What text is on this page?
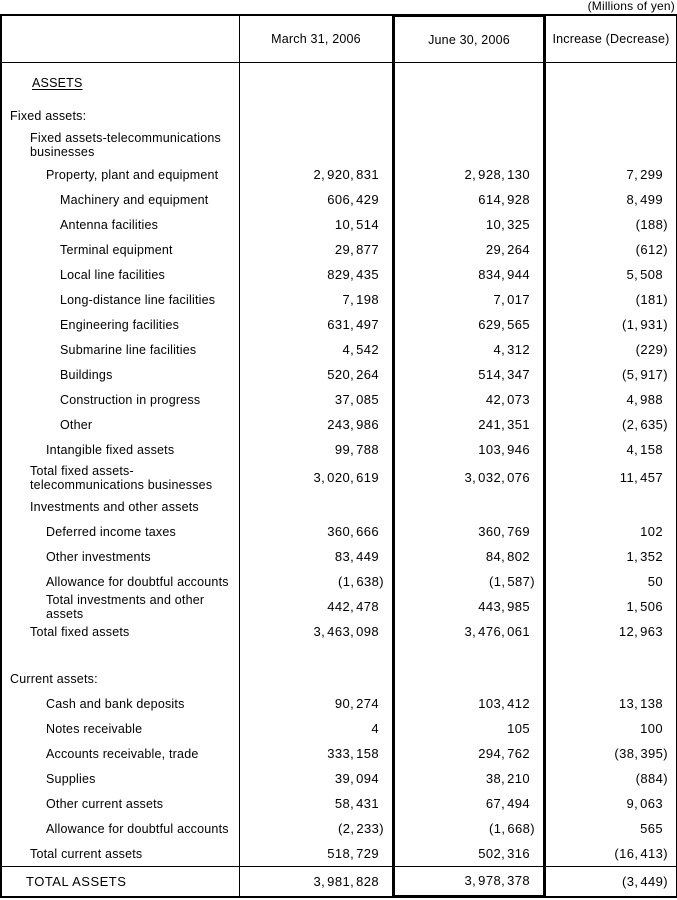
(Millions of yen)
March 31, 2006	June 30, 2006	Increase (Decrease)
ASSETS
Fixed assets:
Fixed assets-telecommunications businesses
Property, plant and equipment	2, 920, 831	2, 928, 130	7, 299
Machinery and equipment	606, 429	614, 928	8, 499
Antenna facilities	10, 514	10, 325	(188)
Terminal equipment	29, 877	29, 264	(612)
Local line facilities	829, 435	834, 944	5, 508
Long-distance line facilities	7, 198	7, 017	(181)
Engineering facilities	631, 497	629, 565	(1, 931)
Submarine line facilities	4, 542	4, 312	(229)
Buildings	520, 264	514, 347	(5, 917)
Construction in progress	37, 085	42, 073	4, 988
Other	243, 986	241, 351	(2, 635)
Intangible fixed assets	99, 788	103, 946	4, 158
Total fixed assets-telecommunications businesses	3, 020, 619	3, 032, 076	11, 457
Investments and other assets
Deferred income taxes	360, 666	360, 769	102
Other investments	83, 449	84, 802	1, 352
Allowance for doubtful accounts	(1, 638)	(1, 587)	50
Total investments and other assets	442, 478	443, 985	1, 506
Total fixed assets	3, 463, 098	3, 476, 061	12, 963
Current assets:
Cash and bank deposits	90, 274	103, 412	13, 138
Notes receivable	4	105	100
Accounts receivable, trade	333, 158	294, 762	(38, 395)
Supplies	39, 094	38, 210	(884)
Other current assets	58, 431	67, 494	9, 063
Allowance for doubtful accounts	(2, 233)	(1, 668)	565
Total current assets	518, 729	502, 316	(16, 413)
TOTAL ASSETS	3, 981, 828	3, 978, 378	(3, 449)
